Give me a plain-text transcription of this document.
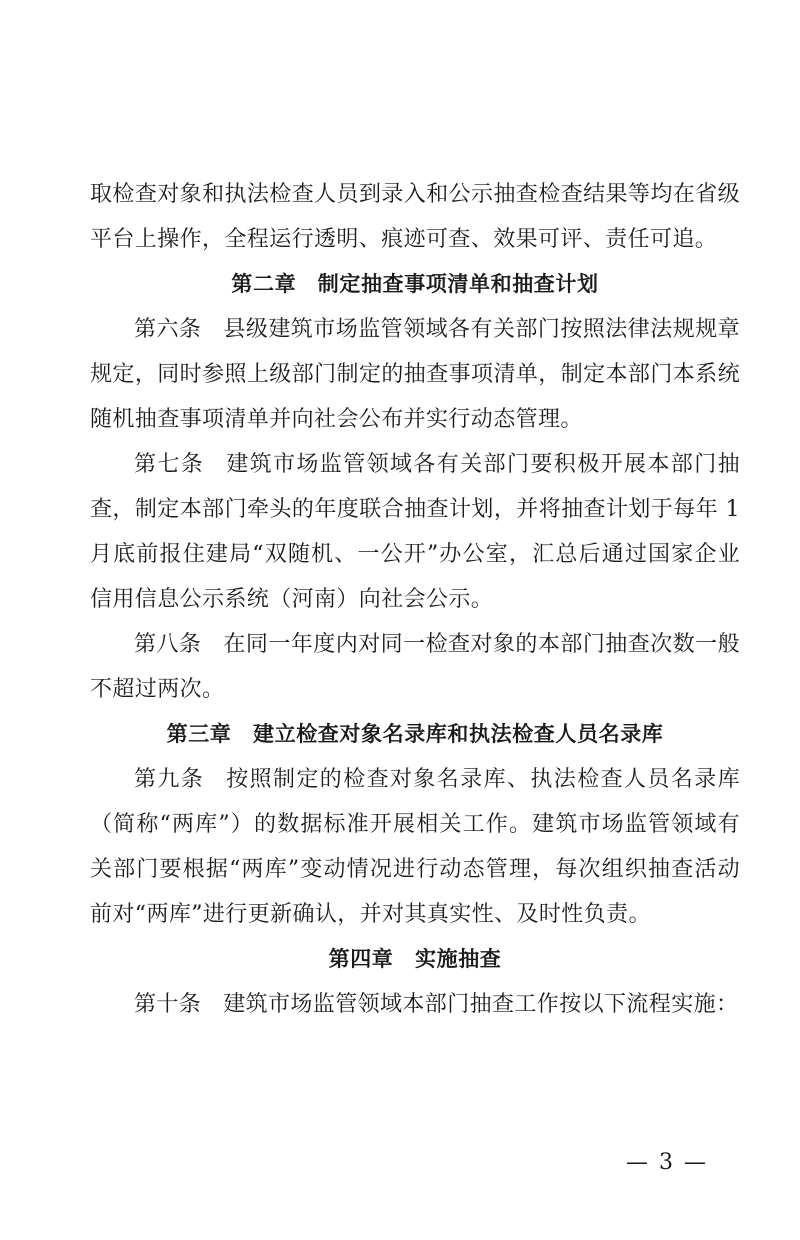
取检查对象和执法检查人员到录入和公示抽查检查结果等均在省级平台上操作，全程运行透明、痕迹可查、效果可评、责任可追。

第二章　制定抽查事项清单和抽查计划

第六条 县级建筑市场监管领域各有关部门按照法律法规规章规定，同时参照上级部门制定的抽查事项清单，制定本部门本系统随机抽查事项清单并向社会公布并实行动态管理。

第七条 建筑市场监管领域各有关部门要积极开展本部门抽查，制定本部门牵头的年度联合抽查计划，并将抽查计划于每年 1 月底前报住建局“双随机、一公开”办公室，汇总后通过国家企业信用信息公示系统（河南）向社会公示。

第八条 在同一年度内对同一检查对象的本部门抽查次数一般不超过两次。

第三章　建立检查对象名录库和执法检查人员名录库

第九条 按照制定的检查对象名录库、执法检查人员名录库（简称“两库”）的数据标准开展相关工作。建筑市场监管领域有关部门要根据“两库”变动情况进行动态管理，每次组织抽查活动前对“两库”进行更新确认，并对其真实性、及时性负责。

第四章　实施抽查

第十条 建筑市场监管领域本部门抽查工作按以下流程实施：

— 3 —
